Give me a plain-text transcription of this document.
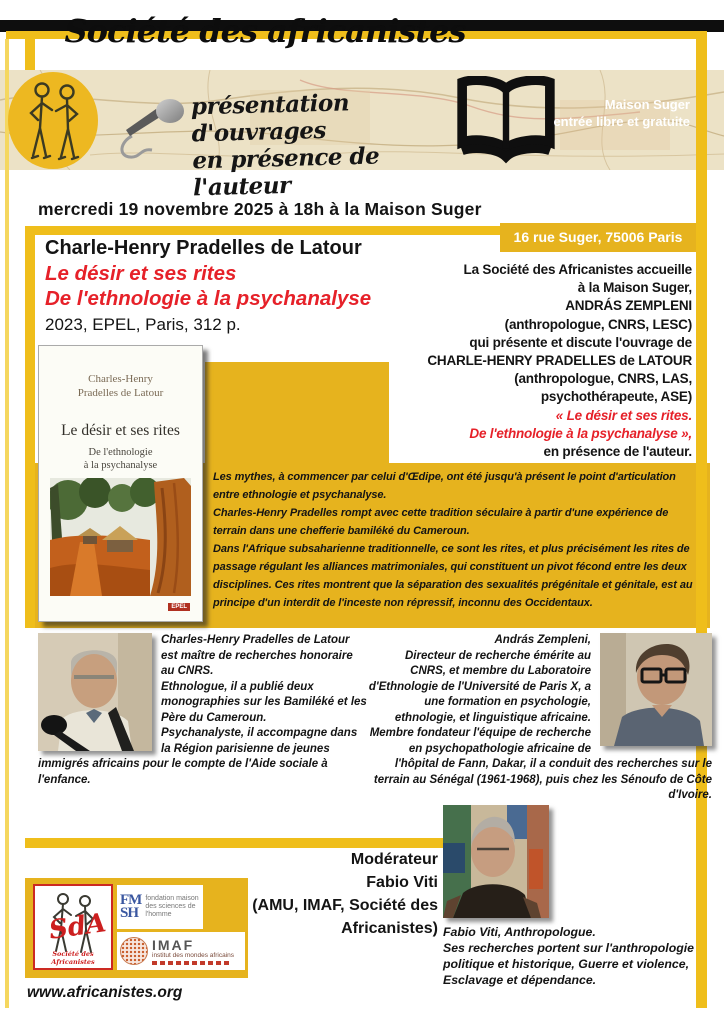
Société des africanistes
présentation d'ouvrages
en présence de l'auteur
Maison Suger
entrée libre et gratuite
mercredi 19 novembre 2025 à 18h à la Maison Suger
16 rue Suger, 75006 Paris
Charle-Henry Pradelles de Latour
Le désir et ses rites
De l'ethnologie à la psychanalyse
2023, EPEL, Paris, 312 p.
La Société des Africanistes accueille
à la Maison Suger,
ANDRÁS ZEMPLENI
(anthropologue, CNRS, LESC)
qui présente et discute l'ouvrage de
CHARLE-HENRY PRADELLES de LATOUR
(anthropologue, CNRS, LAS,
psychothérapeute, ASE)
« Le désir et ses rites.
De l'ethnologie à la psychanalyse »,
en présence de l'auteur.
Charles-Henry
Pradelles de Latour
Le désir et ses rites
De l'ethnologie
à la psychanalyse
EPEL

Les mythes, à commencer par celui d'Œdipe, ont été jusqu'à présent le point d'articulation entre ethnologie et psychanalyse.

Charles-Henry Pradelles rompt avec cette tradition séculaire à partir d'une expérience de terrain dans une chefferie bamiléké du Cameroun.

Dans l'Afrique subsaharienne traditionnelle, ce sont les rites, et plus précisément les rites de passage régulant les alliances matrimoniales, qui constituent un pivot fécond entre les deux disciplines. Ces rites montrent que la séparation des sexualités prégénitale et génitale, est au principe d'un interdit de l'inceste non répressif, inconnu des Occidentaux.

Charles-Henry Pradelles de Latour est maître de recherches honoraire au CNRS.

Ethnologue, il a publié deux monographies sur les Bamiléké et les Père du Cameroun.

Psychanalyste, il accompagne dans la Région parisienne de jeunes immigrés africains pour le compte de l'Aide sociale à l'enfance.

András Zempleni,

Directeur de recherche émérite au CNRS, et membre du Laboratoire d'Ethnologie de l'Université de Paris X, a une formation en psychologie, ethnologie, et linguistique africaine.

Membre fondateur l'équipe de recherche en psychopathologie africaine de l'hôpital de Fann, Dakar, il a conduit des recherches sur le terrain au Sénégal (1961-1968), puis chez les Sénoufo de Côte d'Ivoire.

Modérateur
Fabio Viti
(AMU, IMAF, Société des Africanistes) Fabio Viti, Anthropologue.

Ses recherches portent sur l'anthropologie politique et historique, Guerre et violence, Esclavage et dépendance.

SdA
Société des Africanistes
FM
SH
fondation maison des sciences de l'homme
IMAF
institut des mondes africains
www.africanistes.org
